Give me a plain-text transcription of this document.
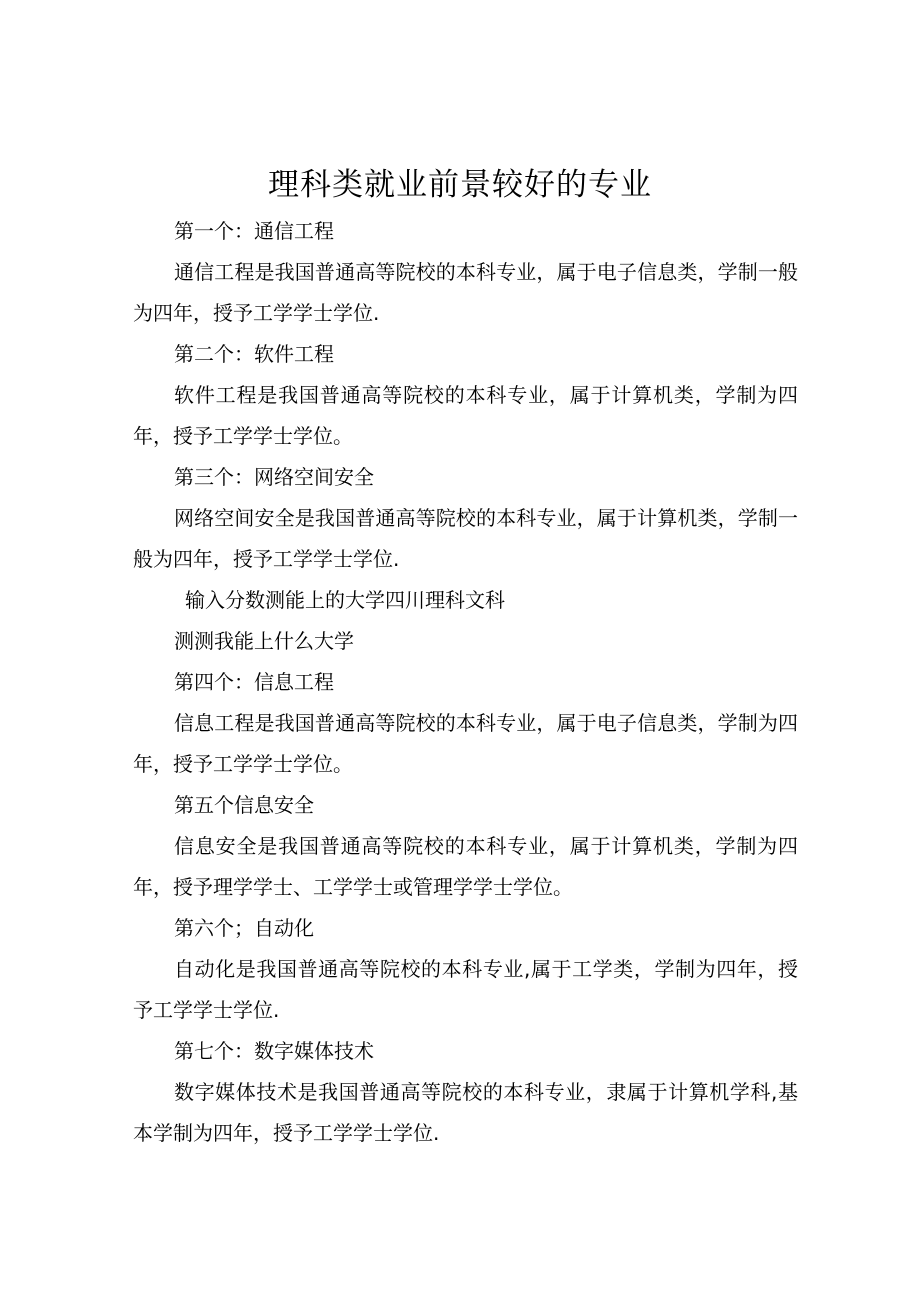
理科类就业前景较好的专业

第一个：通信工程

通信工程是我国普通高等院校的本科专业，属于电子信息类，学制一般为四年，授予工学学士学位.

第二个：软件工程

软件工程是我国普通高等院校的本科专业，属于计算机类，学制为四年，授予工学学士学位。

第三个：网络空间安全

网络空间安全是我国普通高等院校的本科专业，属于计算机类，学制一般为四年，授予工学学士学位.

输入分数测能上的大学四川理科文科

测测我能上什么大学

第四个：信息工程

信息工程是我国普通高等院校的本科专业，属于电子信息类，学制为四年，授予工学学士学位。

第五个信息安全

信息安全是我国普通高等院校的本科专业，属于计算机类，学制为四年，授予理学学士、工学学士或管理学学士学位。

第六个；自动化

自动化是我国普通高等院校的本科专业,属于工学类，学制为四年，授予工学学士学位.

第七个：数字媒体技术

数字媒体技术是我国普通高等院校的本科专业，隶属于计算机学科,基本学制为四年，授予工学学士学位.
